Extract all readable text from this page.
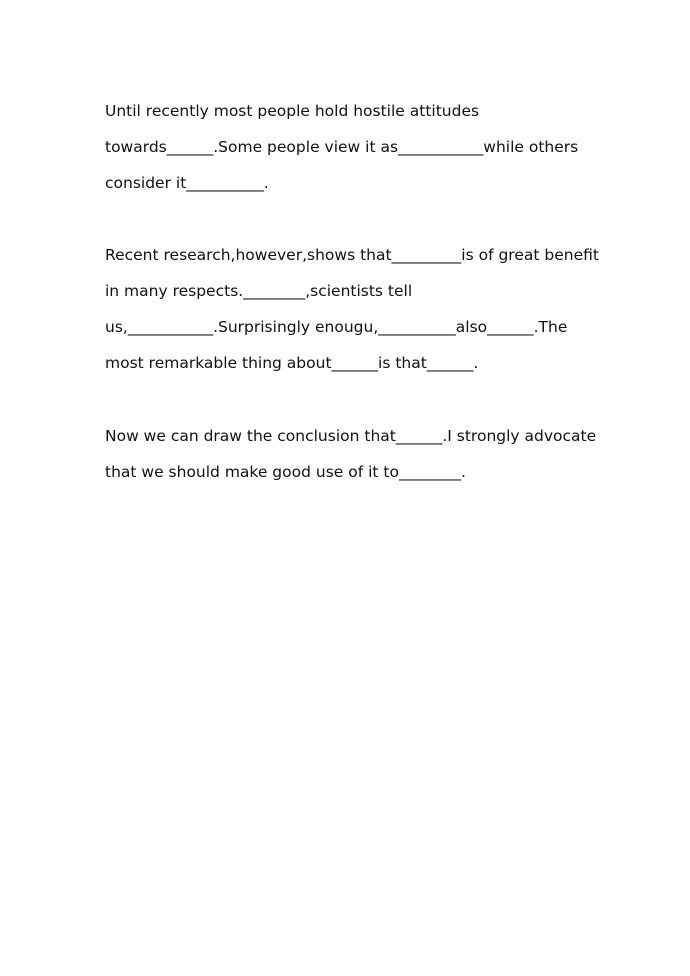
Until recently most people hold hostile attitudes
towards______.Some people view it as___________while others
consider it__________.
Recent research,however,shows that_________is of great benefit
in many respects.________,scientists tell
us,___________.Surprisingly enougu,__________also______.The
most remarkable thing about______is that______.
Now we can draw the conclusion that______.I strongly advocate
that we should make good use of it to________.
